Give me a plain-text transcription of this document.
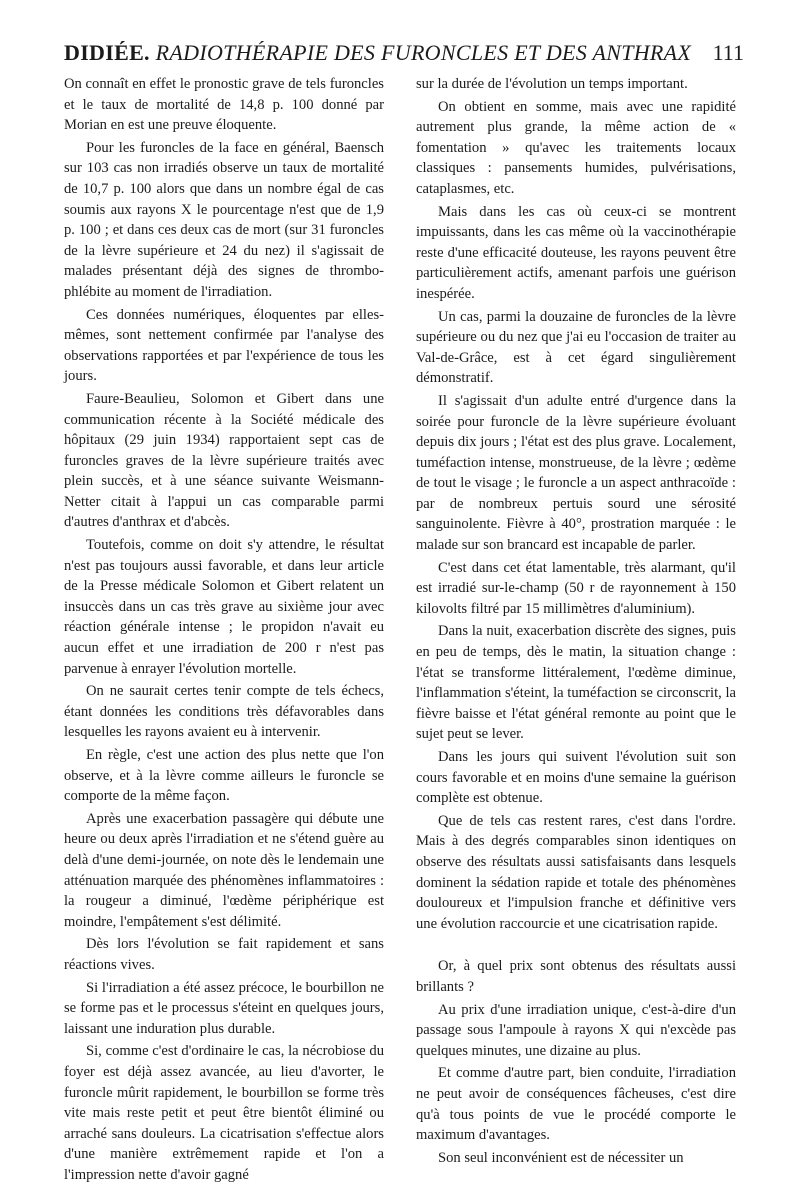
DIDIÉE. RADIOTHÉRAPIE DES FURONCLES ET DES ANTHRAX 111

On connaît en effet le pronostic grave de tels furoncles et le taux de mortalité de 14,8 p. 100 donné par Morian en est une preuve éloquente.

Pour les furoncles de la face en général, Baensch sur 103 cas non irradiés observe un taux de mortalité de 10,7 p. 100 alors que dans un nombre égal de cas soumis aux rayons X le pourcentage n'est que de 1,9 p. 100 ; et dans ces deux cas de mort (sur 31 furoncles de la lèvre supérieure et 24 du nez) il s'agissait de malades présentant déjà des signes de thrombo-phlébite au moment de l'irradiation.

Ces données numériques, éloquentes par elles-mêmes, sont nettement confirmée par l'analyse des observations rapportées et par l'expérience de tous les jours.

Faure-Beaulieu, Solomon et Gibert dans une communication récente à la Société médicale des hôpitaux (29 juin 1934) rapportaient sept cas de furoncles graves de la lèvre supérieure traités avec plein succès, et à une séance suivante Weismann-Netter citait à l'appui un cas comparable parmi d'autres d'anthrax et d'abcès.

Toutefois, comme on doit s'y attendre, le résultat n'est pas toujours aussi favorable, et dans leur article de la Presse médicale Solomon et Gibert relatent un insuccès dans un cas très grave au sixième jour avec réaction générale intense ; le propidon n'avait eu aucun effet et une irradiation de 200 r n'est pas parvenue à enrayer l'évolution mortelle.

On ne saurait certes tenir compte de tels échecs, étant données les conditions très défavorables dans lesquelles les rayons avaient eu à intervenir.

En règle, c'est une action des plus nette que l'on observe, et à la lèvre comme ailleurs le furoncle se comporte de la même façon.

Après une exacerbation passagère qui débute une heure ou deux après l'irradiation et ne s'étend guère au delà d'une demi-journée, on note dès le lendemain une atténuation marquée des phénomènes inflammatoires : la rougeur a diminué, l'œdème périphérique est moindre, l'empâtement s'est délimité.

Dès lors l'évolution se fait rapidement et sans réactions vives.

Si l'irradiation a été assez précoce, le bourbillon ne se forme pas et le processus s'éteint en quelques jours, laissant une induration plus durable.

Si, comme c'est d'ordinaire le cas, la nécrobiose du foyer est déjà assez avancée, au lieu d'avorter, le furoncle mûrit rapidement, le bourbillon se forme très vite mais reste petit et peut être bientôt éliminé ou arraché sans douleurs. La cicatrisation s'effectue alors d'une manière extrêmement rapide et l'on a l'impression nette d'avoir gagné

sur la durée de l'évolution un temps important.

On obtient en somme, mais avec une rapidité autrement plus grande, la même action de « fomentation » qu'avec les traitements locaux classiques : pansements humides, pulvérisations, cataplasmes, etc.

Mais dans les cas où ceux-ci se montrent impuissants, dans les cas même où la vaccinothérapie reste d'une efficacité douteuse, les rayons peuvent être particulièrement actifs, amenant parfois une guérison inespérée.

Un cas, parmi la douzaine de furoncles de la lèvre supérieure ou du nez que j'ai eu l'occasion de traiter au Val-de-Grâce, est à cet égard singulièrement démonstratif.

Il s'agissait d'un adulte entré d'urgence dans la soirée pour furoncle de la lèvre supérieure évoluant depuis dix jours ; l'état est des plus grave. Localement, tuméfaction intense, monstrueuse, de la lèvre ; œdème de tout le visage ; le furoncle a un aspect anthracoïde : par de nombreux pertuis sourd une sérosité sanguinolente. Fièvre à 40°, prostration marquée : le malade sur son brancard est incapable de parler.

C'est dans cet état lamentable, très alarmant, qu'il est irradié sur-le-champ (50 r de rayonnement à 150 kilovolts filtré par 15 millimètres d'aluminium).

Dans la nuit, exacerbation discrète des signes, puis en peu de temps, dès le matin, la situation change : l'état se transforme littéralement, l'œdème diminue, l'inflammation s'éteint, la tuméfaction se circonscrit, la fièvre baisse et l'état général remonte au point que le sujet peut se lever.

Dans les jours qui suivent l'évolution suit son cours favorable et en moins d'une semaine la guérison complète est obtenue.

Que de tels cas restent rares, c'est dans l'ordre. Mais à des degrés comparables sinon identiques on observe des résultats aussi satisfaisants dans lesquels dominent la sédation rapide et totale des phénomènes douloureux et l'impulsion franche et définitive vers une évolution raccourcie et une cicatrisation rapide.

Or, à quel prix sont obtenus des résultats aussi brillants ?

Au prix d'une irradiation unique, c'est-à-dire d'un passage sous l'ampoule à rayons X qui n'excède pas quelques minutes, une dizaine au plus.

Et comme d'autre part, bien conduite, l'irradiation ne peut avoir de conséquences fâcheuses, c'est dire qu'à tous points de vue le procédé comporte le maximum d'avantages.

Son seul inconvénient est de nécessiter un
